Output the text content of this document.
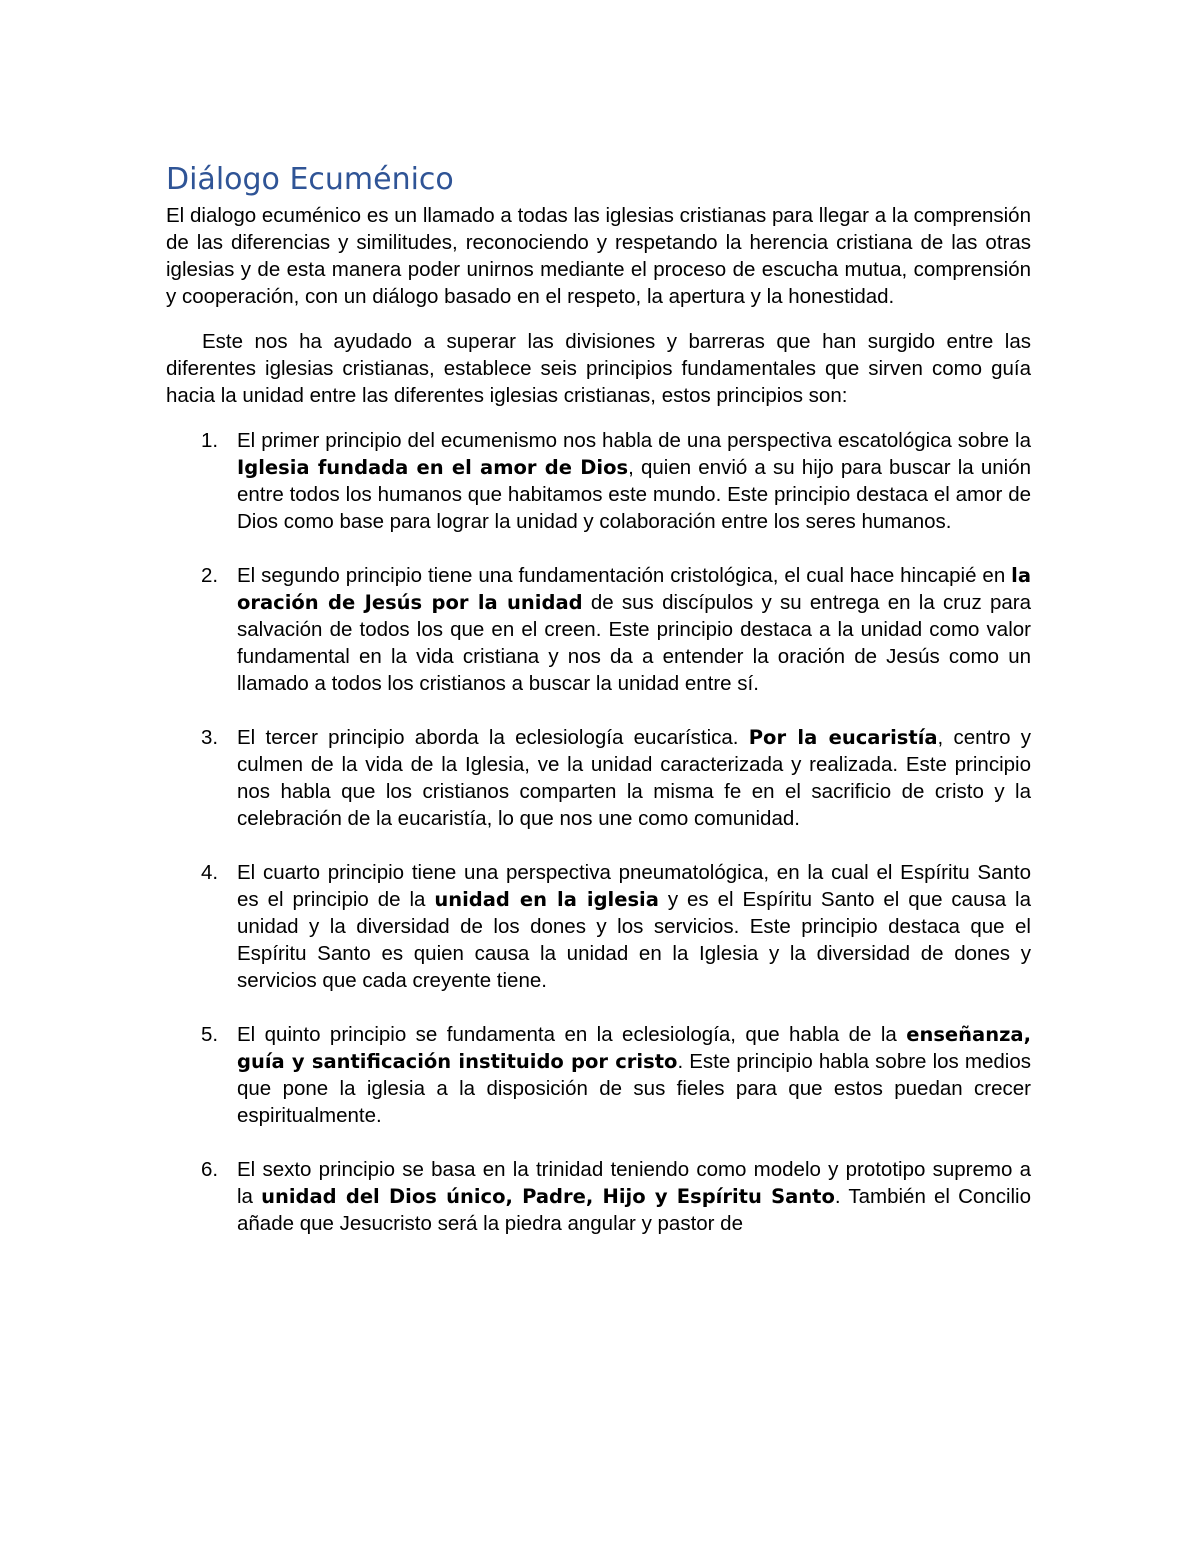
Diálogo Ecuménico

El dialogo ecuménico es un llamado a todas las iglesias cristianas para llegar a la comprensión de las diferencias y similitudes, reconociendo y respetando la herencia cristiana de las otras iglesias y de esta manera poder unirnos mediante el proceso de escucha mutua, comprensión y cooperación, con un diálogo basado en el respeto, la apertura y la honestidad.

Este nos ha ayudado a superar las divisiones y barreras que han surgido entre las diferentes iglesias cristianas, establece seis principios fundamentales que sirven como guía hacia la unidad entre las diferentes iglesias cristianas, estos principios son:

1. El primer principio del ecumenismo nos habla de una perspectiva escatológica sobre la Iglesia fundada en el amor de Dios, quien envió a su hijo para buscar la unión entre todos los humanos que habitamos este mundo. Este principio destaca el amor de Dios como base para lograr la unidad y colaboración entre los seres humanos.
2. El segundo principio tiene una fundamentación cristológica, el cual hace hincapié en la oración de Jesús por la unidad de sus discípulos y su entrega en la cruz para salvación de todos los que en el creen. Este principio destaca a la unidad como valor fundamental en la vida cristiana y nos da a entender la oración de Jesús como un llamado a todos los cristianos a buscar la unidad entre sí.
3. El tercer principio aborda la eclesiología eucarística. Por la eucaristía, centro y culmen de la vida de la Iglesia, ve la unidad caracterizada y realizada. Este principio nos habla que los cristianos comparten la misma fe en el sacrificio de cristo y la celebración de la eucaristía, lo que nos une como comunidad.
4. El cuarto principio tiene una perspectiva pneumatológica, en la cual el Espíritu Santo es el principio de la unidad en la iglesia y es el Espíritu Santo el que causa la unidad y la diversidad de los dones y los servicios. Este principio destaca que el Espíritu Santo es quien causa la unidad en la Iglesia y la diversidad de dones y servicios que cada creyente tiene.
5. El quinto principio se fundamenta en la eclesiología, que habla de la enseñanza, guía y santificación instituido por cristo. Este principio habla sobre los medios que pone la iglesia a la disposición de sus fieles para que estos puedan crecer espiritualmente.
6. El sexto principio se basa en la trinidad teniendo como modelo y prototipo supremo a la unidad del Dios único, Padre, Hijo y Espíritu Santo. También el Concilio añade que Jesucristo será la piedra angular y pastor de
